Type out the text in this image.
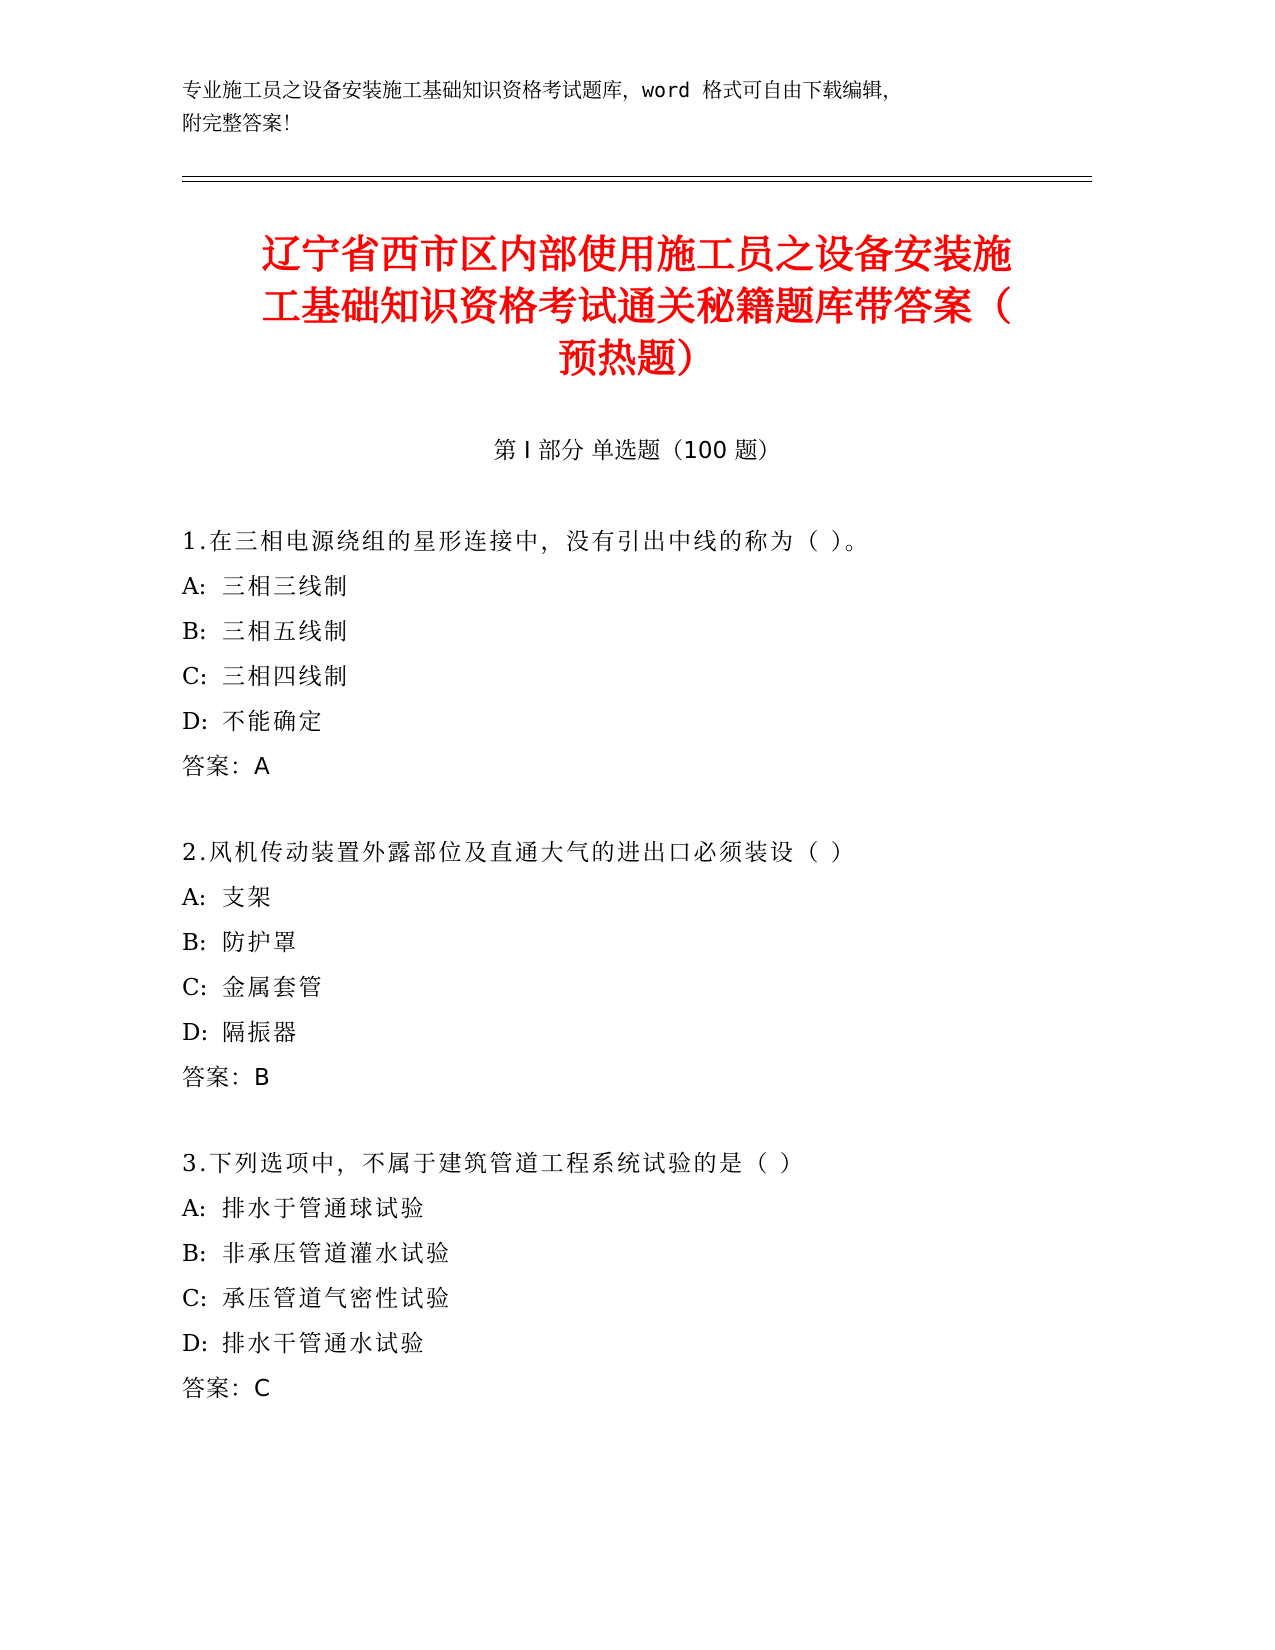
专业施工员之设备安装施工基础知识资格考试题库，word 格式可自由下载编辑，
附完整答案！
辽宁省西市区内部使用施工员之设备安装施
工基础知识资格考试通关秘籍题库带答案（
预热题）
第 I 部分 单选题（100 题）
1.在三相电源绕组的星形连接中，没有引出中线的称为（ ）。
A: 三相三线制
B: 三相五线制
C: 三相四线制
D: 不能确定
答案：A
2.风机传动装置外露部位及直通大气的进出口必须装设（ ）
A: 支架
B: 防护罩
C: 金属套管
D: 隔振器
答案：B
3.下列选项中，不属于建筑管道工程系统试验的是（ ）
A: 排水于管通球试验
B: 非承压管道灌水试验
C: 承压管道气密性试验
D: 排水干管通水试验
答案：C
